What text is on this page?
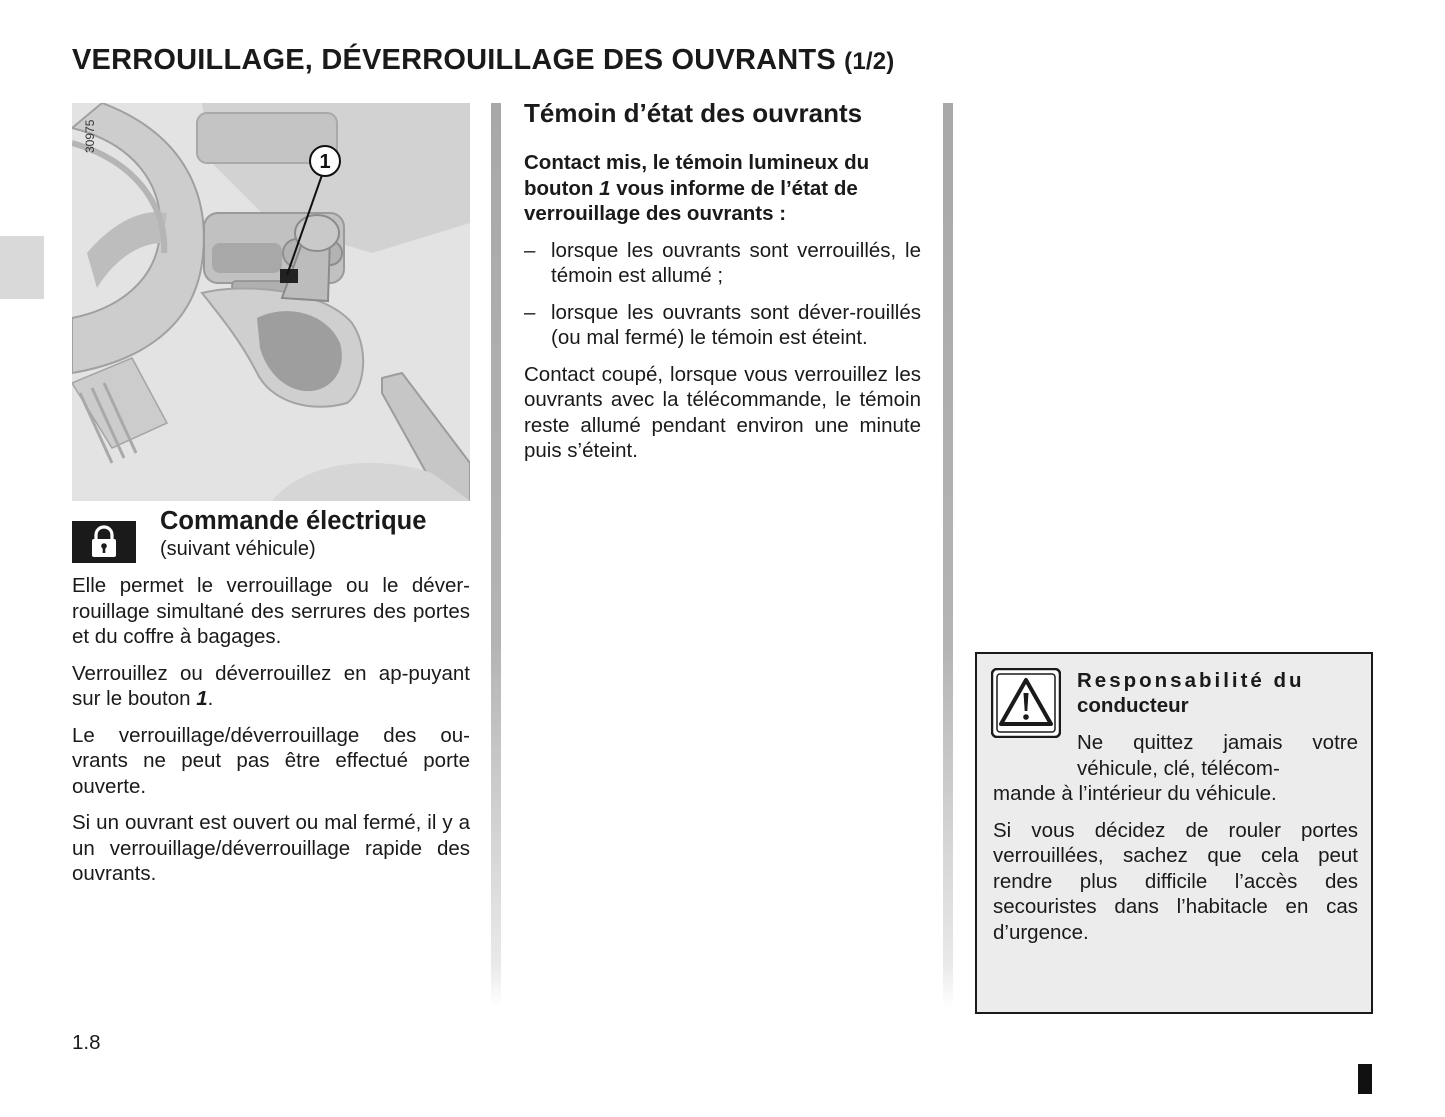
VERROUILLAGE, DÉVERROUILLAGE DES OUVRANTS (1/2)
1
30975
Commande électrique
(suivant véhicule)

Elle permet le verrouillage ou le déver-rouillage simultané des serrures des portes et du coffre à bagages.

Verrouillez ou déverrouillez en ap-puyant sur le bouton 1.

Le verrouillage/déverrouillage des ou-vrants ne peut pas être effectué porte ouverte.

Si un ouvrant est ouvert ou mal fermé, il y a un verrouillage/déverrouillage rapide des ouvrants.

Témoin d’état des ouvrants

Contact mis, le témoin lumineux du bouton 1 vous informe de l’état de verrouillage des ouvrants :

– lorsque les ouvrants sont verrouillés, le témoin est allumé ;
– lorsque les ouvrants sont déver-rouillés (ou mal fermé) le témoin est éteint.

Contact coupé, lorsque vous verrouillez les ouvrants avec la télécommande, le témoin reste allumé pendant environ une minute puis s’éteint.

Responsabilité du
conducteur

Ne quittez jamais votre véhicule, clé, télécom-
mande à l’intérieur du véhicule.

Si vous décidez de rouler portes verrouillées, sachez que cela peut rendre plus difficile l’accès des secouristes dans l’habitacle en cas d’urgence.

1.8
